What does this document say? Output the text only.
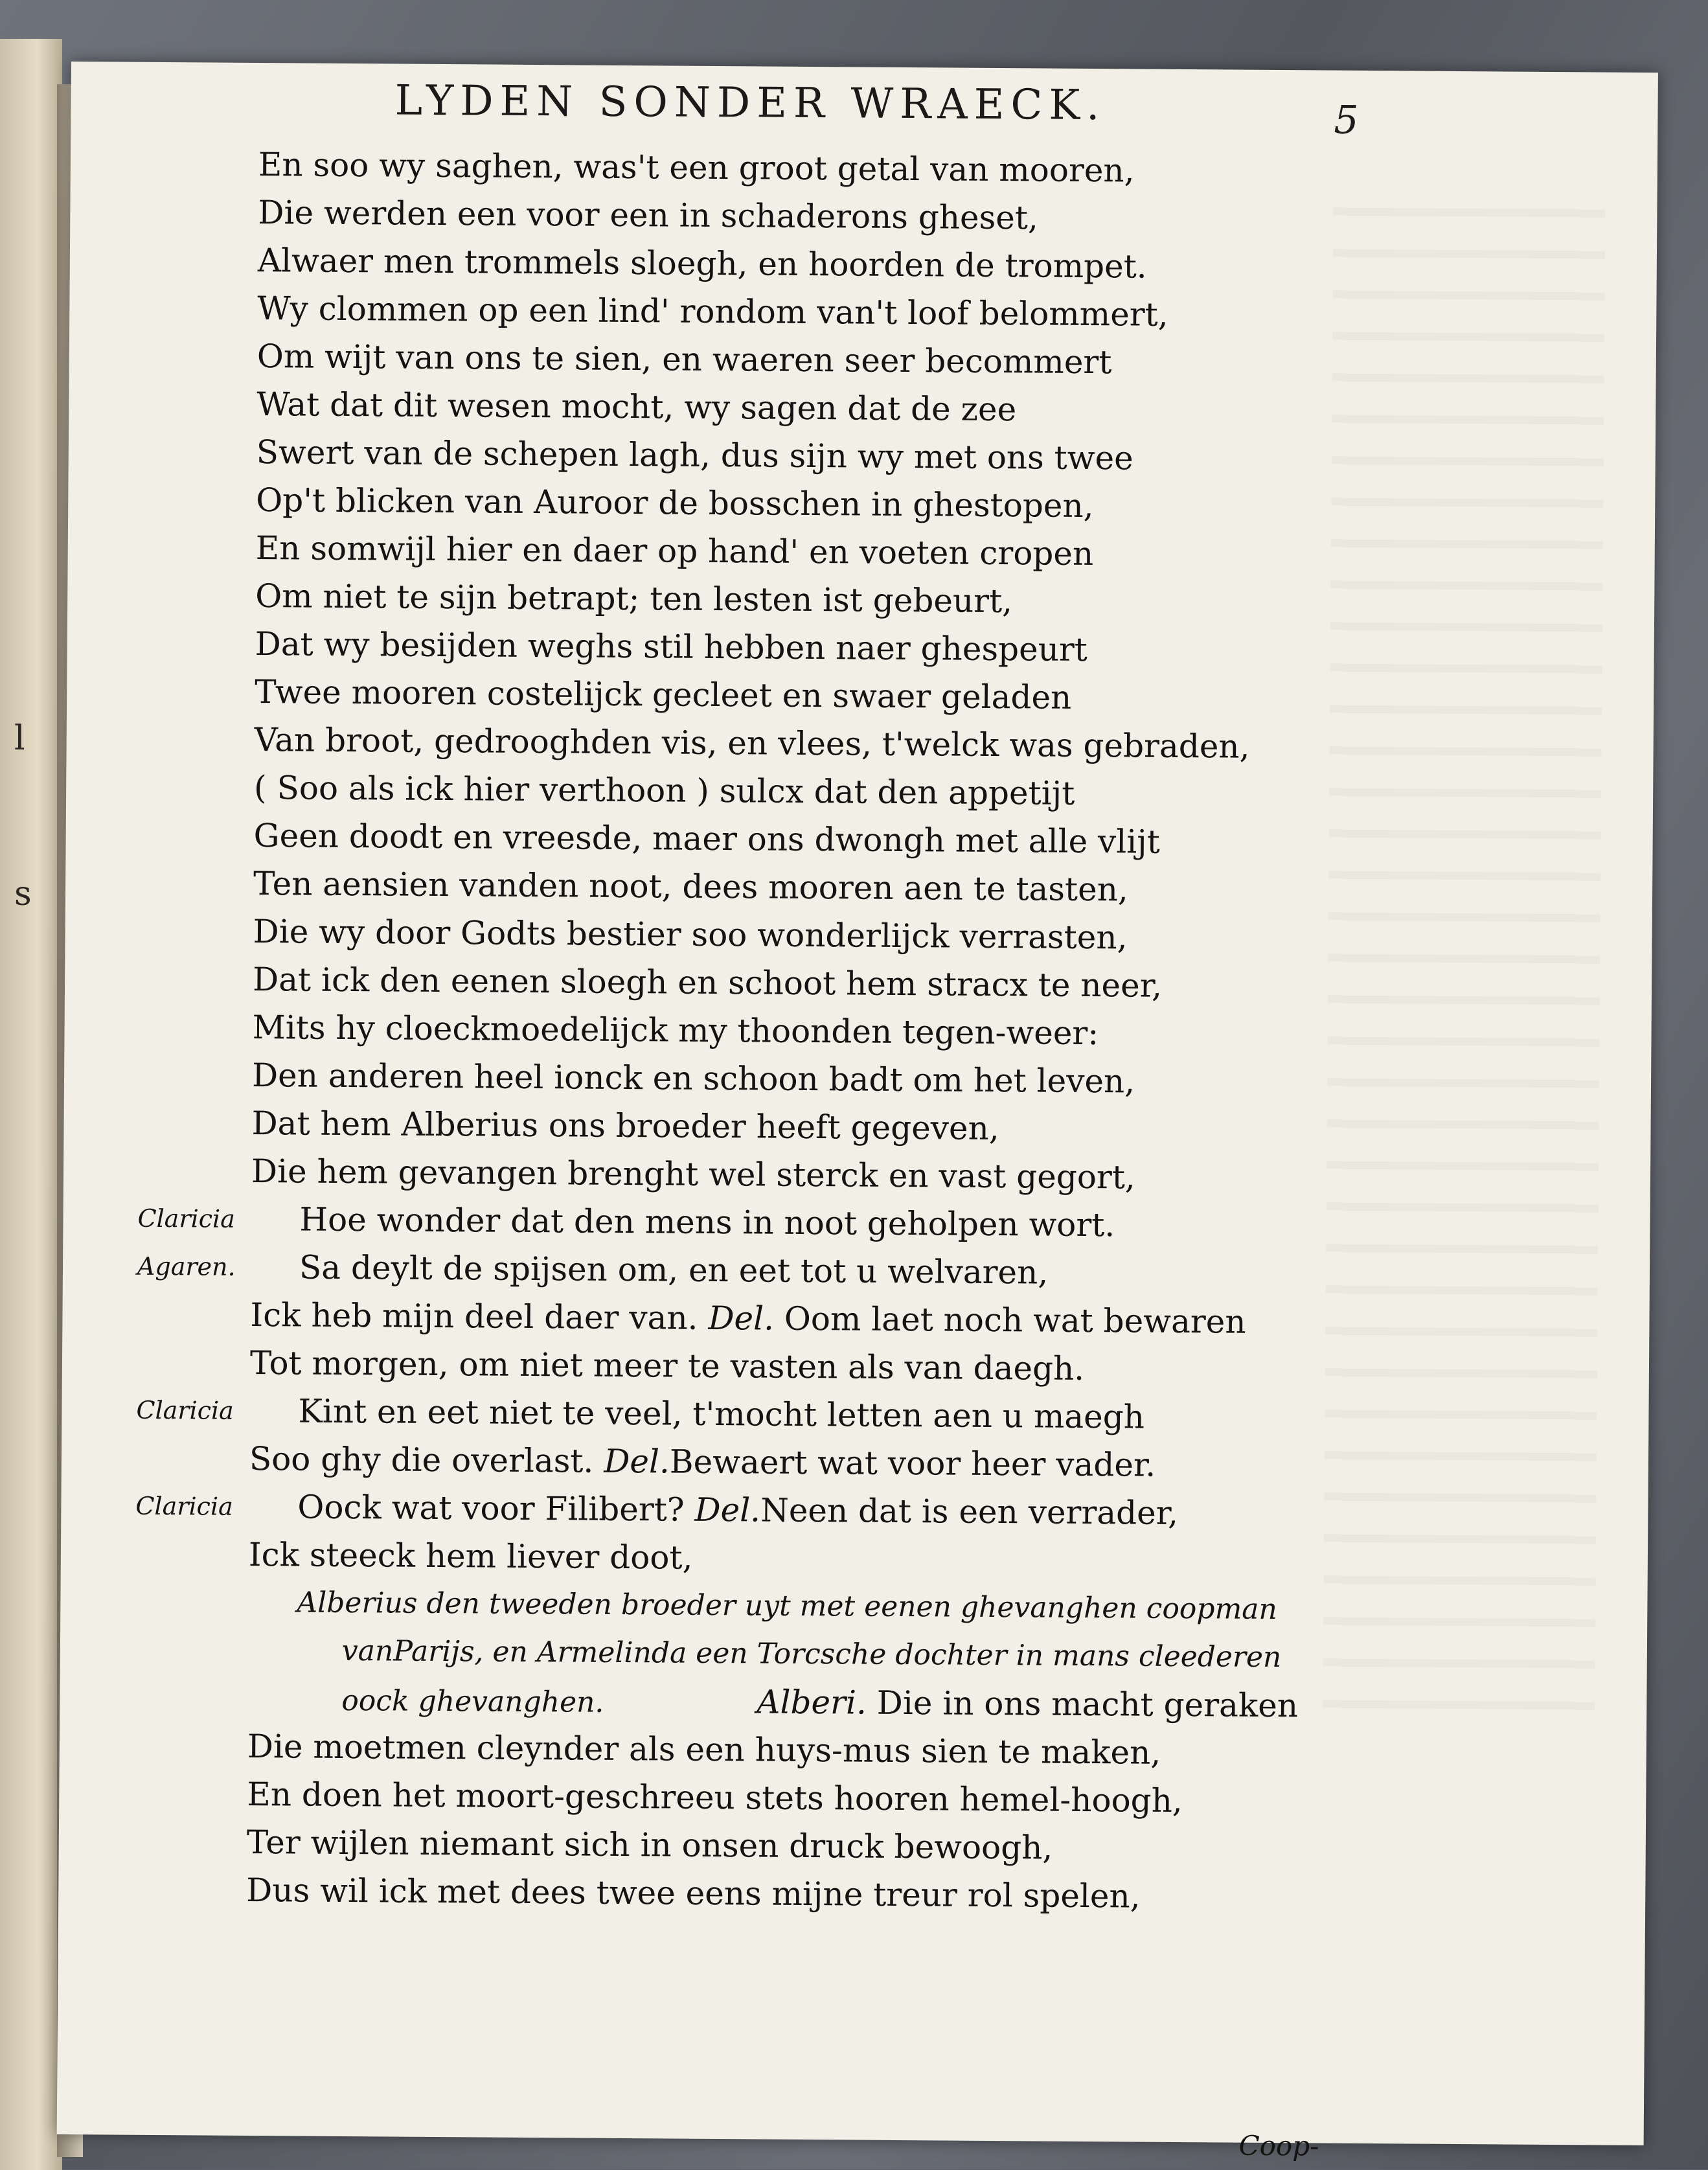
l
s
LYDEN SONDER WRAECK.	5
En soo wy saghen, was't een groot getal van mooren,
Die werden een voor een in schaderons gheset,
Alwaer men trommels sloegh, en hoorden de trompet.
Wy clommen op een lind' rondom van't loof belommert,
Om wijt van ons te sien, en waeren seer becommert
Wat dat dit wesen mocht, wy sagen dat de zee
Swert van de schepen lagh, dus sijn wy met ons twee
Op't blicken van Auroor de bosschen in ghestopen,
En somwijl hier en daer op hand' en voeten cropen
Om niet te sijn betrapt; ten lesten ist gebeurt,
Dat wy besijden weghs stil hebben naer ghespeurt
Twee mooren costelijck gecleet en swaer geladen
Van broot, gedrooghden vis, en vlees, t'welck was gebraden,
( Soo als ick hier verthoon ) sulcx dat den appetijt
Geen doodt en vreesde, maer ons dwongh met alle vlijt
Ten aensien vanden noot, dees mooren aen te tasten,
Die wy door Godts bestier soo wonderlijck verrasten,
Dat ick den eenen sloegh en schoot hem stracx te neer,
Mits hy cloeckmoedelijck my thoonden tegen-weer:
Den anderen heel ionck en schoon badt om het leven,
Dat hem Alberius ons broeder heeft gegeven,
Die hem gevangen brenght wel sterck en vast gegort,
Claricia	Hoe wonder dat den mens in noot geholpen wort.
Agaren.	Sa deylt de spijsen om, en eet tot u welvaren,
Ick heb mijn deel daer van. Del. Oom laet noch wat bewaren
Tot morgen, om niet meer te vasten als van daegh.
Claricia	Kint en eet niet te veel, t'mocht letten aen u maegh
Soo ghy die overlast. Del.Bewaert wat voor heer vader.
Claricia	Oock wat voor Filibert? Del.Neen dat is een verrader,
Ick steeck hem liever doot,
Alberius den tweeden broeder uyt met eenen ghevanghen coopman
vanParijs, en Armelinda een Torcsche dochter in mans cleederen
oock ghevanghen.	Alberi. Die in ons macht geraken
Die moetmen cleynder als een huys-mus sien te maken,
En doen het moort-geschreeu stets hooren hemel-hoogh,
Ter wijlen niemant sich in onsen druck bewoogh,
Dus wil ick met dees twee eens mijne treur rol spelen,
Coop-
